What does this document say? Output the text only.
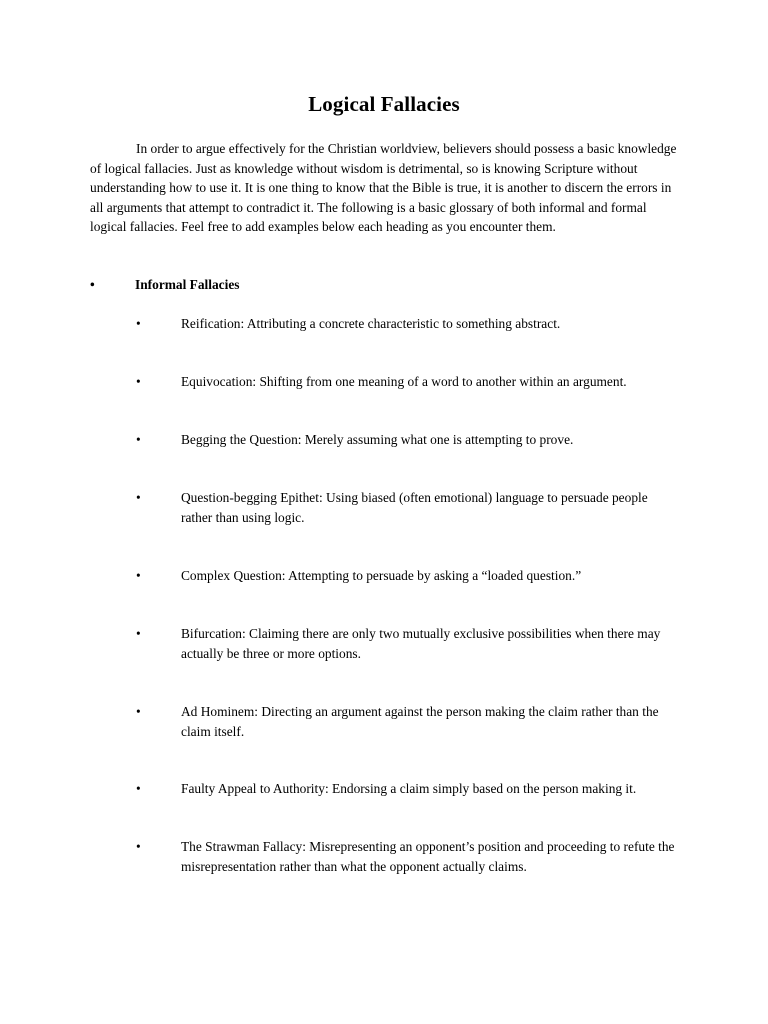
Logical Fallacies

In order to argue effectively for the Christian worldview, believers should possess a basic knowledge of logical fallacies. Just as knowledge without wisdom is detrimental, so is knowing Scripture without understanding how to use it. It is one thing to know that the Bible is true, it is another to discern the errors in all arguments that attempt to contradict it. The following is a basic glossary of both informal and formal logical fallacies. Feel free to add examples below each heading as you encounter them.

•	Informal Fallacies
•	Reification: Attributing a concrete characteristic to something abstract.
•	Equivocation: Shifting from one meaning of a word to another within an argument.
•	Begging the Question: Merely assuming what one is attempting to prove.
•	Question-begging Epithet: Using biased (often emotional) language to persuade people rather than using logic.
•	Complex Question: Attempting to persuade by asking a “loaded question.”
•	Bifurcation: Claiming there are only two mutually exclusive possibilities when there may actually be three or more options.
•	Ad Hominem: Directing an argument against the person making the claim rather than the claim itself.
•	Faulty Appeal to Authority: Endorsing a claim simply based on the person making it.
•	The Strawman Fallacy: Misrepresenting an opponent’s position and proceeding to refute the misrepresentation rather than what the opponent actually claims.
